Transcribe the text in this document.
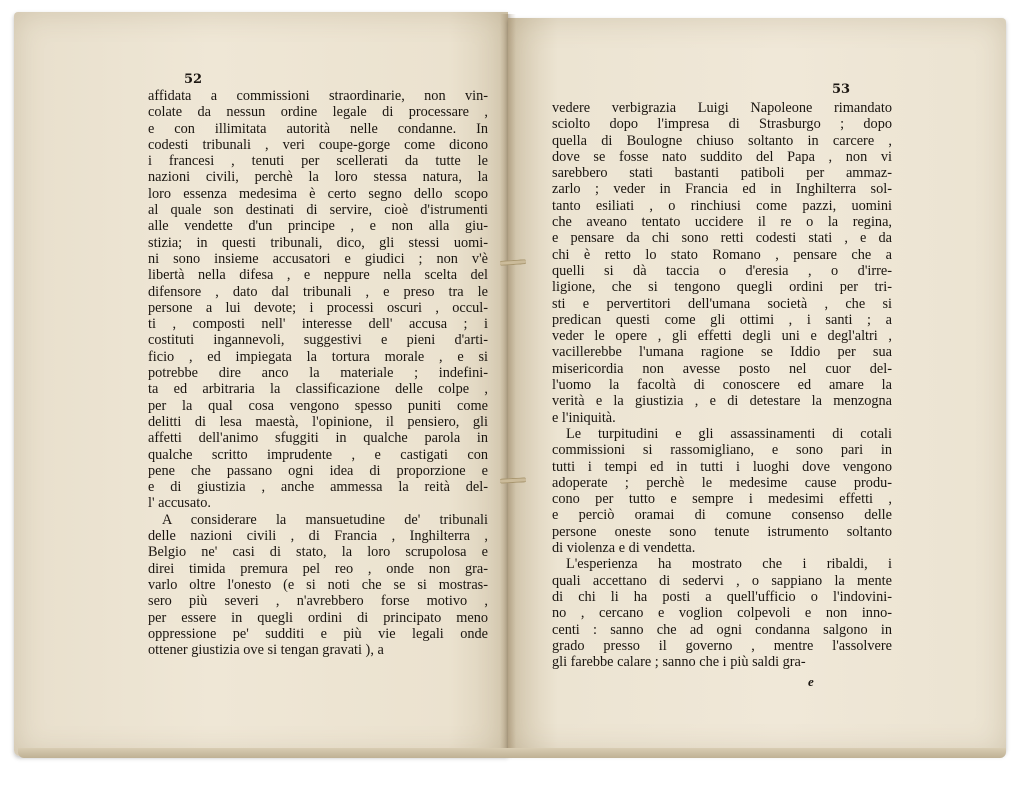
52
affidata a commissioni straordinarie, non vin-
colate da nessun ordine legale di processare ,
e con illimitata autorità nelle condanne. In
codesti tribunali , veri coupe-gorge come dicono
i francesi , tenuti per scellerati da tutte le
nazioni civili, perchè la loro stessa natura, la
loro essenza medesima è certo segno dello scopo
al quale son destinati di servire, cioè d'istrumenti
alle vendette d'un principe , e non alla giu-
stizia; in questi tribunali, dico, gli stessi uomi-
ni sono insieme accusatori e giudici ; non v'è
libertà nella difesa , e neppure nella scelta del
difensore , dato dal tribunali , e preso tra le
persone a lui devote; i processi oscuri , occul-
ti , composti nell' interesse dell' accusa ; i
costituti ingannevoli, suggestivi e pieni d'arti-
ficio , ed impiegata la tortura morale , e si
potrebbe dire anco la materiale ; indefini-
ta ed arbitraria la classificazione delle colpe ,
per la qual cosa vengono spesso puniti come
delitti di lesa maestà, l'opinione, il pensiero, gli
affetti dell'animo sfuggiti in qualche parola in
qualche scritto imprudente , e castigati con
pene che passano ogni idea di proporzione e
e di giustizia , anche ammessa la reità del-
l' accusato.
A considerare la mansuetudine de' tribunali
delle nazioni civili , di Francia , Inghilterra ,
Belgio ne' casi di stato, la loro scrupolosa e
direi timida premura pel reo , onde non gra-
varlo oltre l'onesto (e si noti che se si mostras-
sero più severi , n'avrebbero forse motivo ,
per essere in quegli ordini di principato meno
oppressione pe' sudditi e più vie legali onde
ottener giustizia ove si tengan gravati ), a
53
vedere verbigrazia Luigi Napoleone rimandato
sciolto dopo l'impresa di Strasburgo ; dopo
quella di Boulogne chiuso soltanto in carcere ,
dove se fosse nato suddito del Papa , non vi
sarebbero stati bastanti patiboli per ammaz-
zarlo ; veder in Francia ed in Inghilterra sol-
tanto esiliati , o rinchiusi come pazzi, uomini
che aveano tentato uccidere il re o la regina,
e pensare da chi sono retti codesti stati , e da
chi è retto lo stato Romano , pensare che a
quelli si dà taccia o d'eresia , o d'irre-
ligione, che si tengono quegli ordini per tri-
sti e pervertitori dell'umana società , che si
predican questi come gli ottimi , i santi ; a
veder le opere , gli effetti degli uni e degl'altri ,
vacillerebbe l'umana ragione se Iddio per sua
misericordia non avesse posto nel cuor del-
l'uomo la facoltà di conoscere ed amare la
verità e la giustizia , e di detestare la menzogna
e l'iniquità.
Le turpitudini e gli assassinamenti di cotali
commissioni si rassomigliano, e sono pari in
tutti i tempi ed in tutti i luoghi dove vengono
adoperate ; perchè le medesime cause produ-
cono per tutto e sempre i medesimi effetti ,
e perciò oramai di comune consenso delle
persone oneste sono tenute istrumento soltanto
di violenza e di vendetta.
L'esperienza ha mostrato che i ribaldi, i
quali accettano di sedervi , o sappiano la mente
di chi li ha posti a quell'ufficio o l'indovini-
no , cercano e voglion colpevoli e non inno-
centi : sanno che ad ogni condanna salgono in
grado presso il governo , mentre l'assolvere
gli farebbe calare ; sanno che i più saldi gra-
e
